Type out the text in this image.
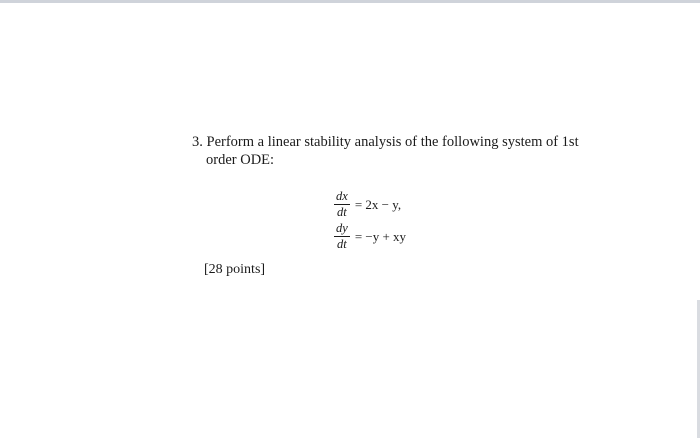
3. Perform a linear stability analysis of the following system of 1st
order ODE:
$\frac{dx}{dt} = 2x - y$,
$\frac{dy}{dt} = -y$ + xy
[28 points]
